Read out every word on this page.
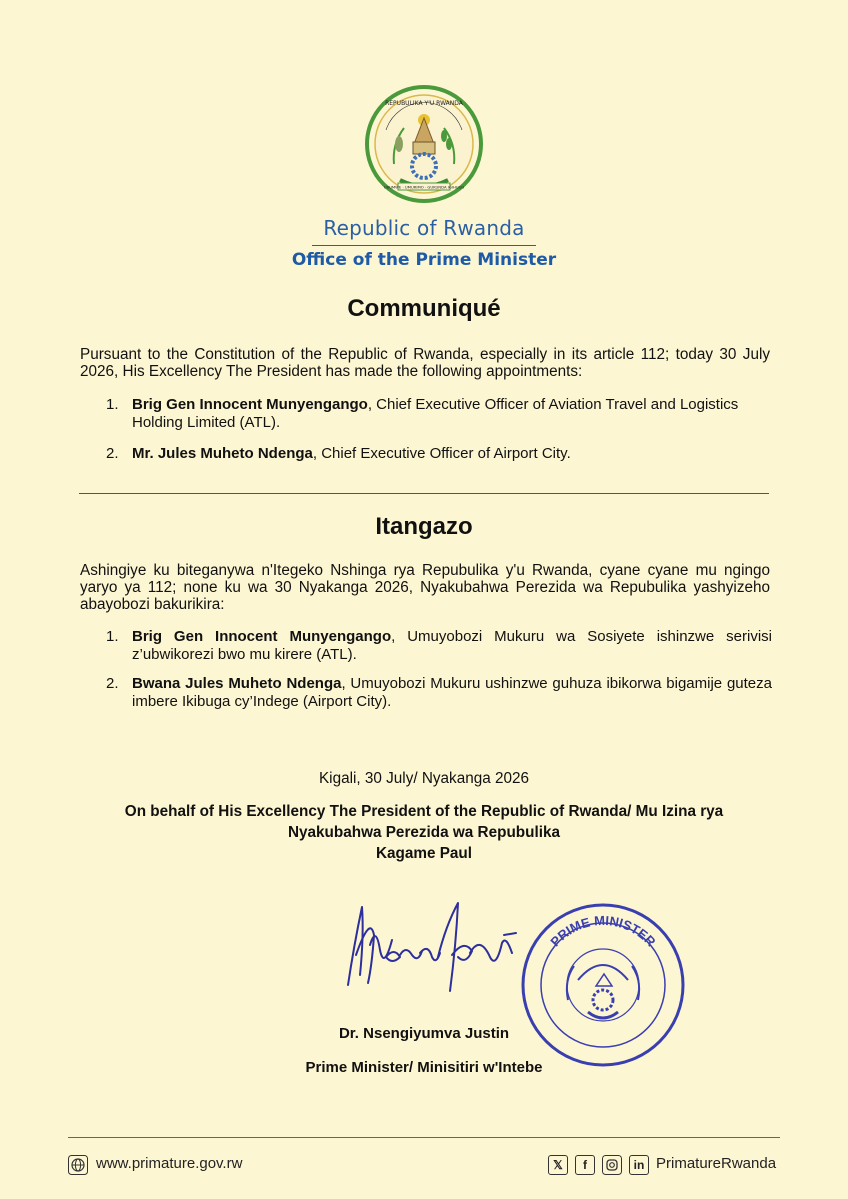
REPUBULIKA Y'U RWANDA
UBUMWE · UMURIMO · GUKUNDA IGIHUGU
Republic of Rwanda
Office of the Prime Minister
Communiqué
Pursuant to the Constitution of the Republic of Rwanda, especially in its article 112; today 30 July 2026, His Excellency The President has made the following appointments:
1. Brig Gen Innocent Munyengango, Chief Executive Officer of Aviation Travel and Logistics Holding Limited (ATL).
2. Mr. Jules Muheto Ndenga, Chief Executive Officer of Airport City.
Itangazo
Ashingiye ku biteganywa n'Itegeko Nshinga rya Repubulika y'u Rwanda, cyane cyane mu ngingo yaryo ya 112; none ku wa 30 Nyakanga 2026, Nyakubahwa Perezida wa Repubulika yashyizeho abayobozi bakurikira:
1. Brig Gen Innocent Munyengango, Umuyobozi Mukuru wa Sosiyete ishinzwe serivisi z’ubwikorezi bwo mu kirere (ATL).
2. Bwana Jules Muheto Ndenga, Umuyobozi Mukuru ushinzwe guhuza ibikorwa bigamije guteza imbere Ikibuga cy’Indege (Airport City).
Kigali, 30 July/ Nyakanga 2026
On behalf of His Excellency The President of the Republic of Rwanda/ Mu Izina rya
Nyakubahwa Perezida wa Repubulika
Kagame Paul
PRIME MINISTER
Dr. Nsengiyumva Justin
Prime Minister/ Minisitiri w'Intebe
www.primature.gov.rw	𝕏	f	in PrimatureRwanda
